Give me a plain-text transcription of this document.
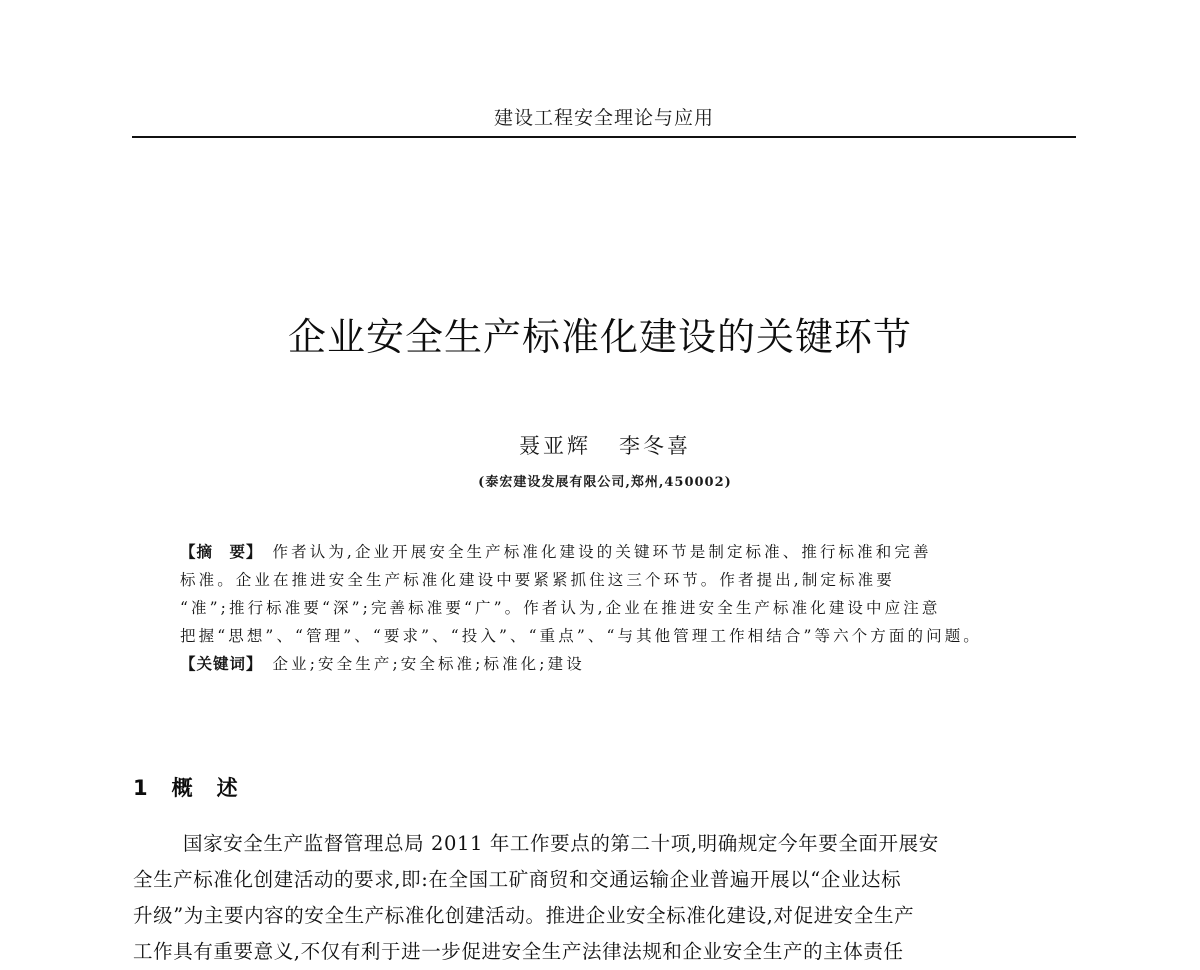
建设工程安全理论与应用
企业安全生产标准化建设的关键环节
聂亚辉 李冬喜
(泰宏建设发展有限公司,郑州,450002)
【摘　要】 作者认为,企业开展安全生产标准化建设的关键环节是制定标准、推行标准和完善
标准。企业在推进安全生产标准化建设中要紧紧抓住这三个环节。作者提出,制定标准要
“准”;推行标准要“深”;完善标准要“广”。作者认为,企业在推进安全生产标准化建设中应注意
把握“思想”、“管理”、“要求”、“投入”、“重点”、“与其他管理工作相结合”等六个方面的问题。
【关键词】 企业;安全生产;安全标准;标准化;建设
1 概述
国家安全生产监督管理总局 2011 年工作要点的第二十项,明确规定今年要全面开展安
全生产标准化创建活动的要求,即:在全国工矿商贸和交通运输企业普遍开展以“企业达标
升级”为主要内容的安全生产标准化创建活动。推进企业安全标准化建设,对促进安全生产
工作具有重要意义,不仅有利于进一步促进安全生产法律法规和企业安全生产的主体责任
